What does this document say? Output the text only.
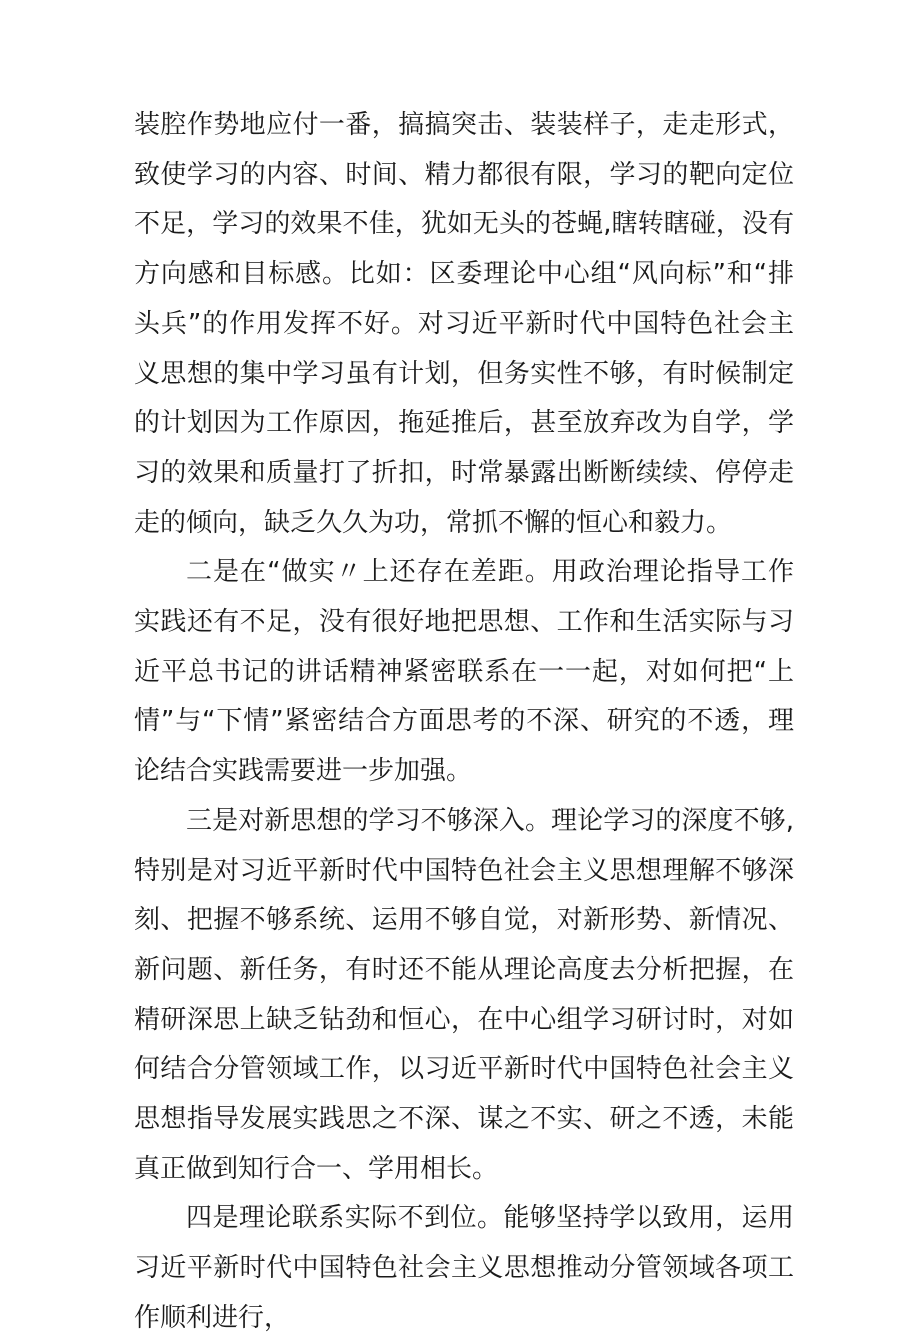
装腔作势地应付一番，搞搞突击、装装样子，走走形式，致使学习的内容、时间、精力都很有限，学习的靶向定位不足，学习的效果不佳，犹如无头的苍蝇,瞎转瞎碰，没有方向感和目标感。比如：区委理论中心组“风向标”和“排头兵”的作用发挥不好。对习近平新时代中国特色社会主义思想的集中学习虽有计划，但务实性不够，有时候制定的计划因为工作原因，拖延推后，甚至放弃改为自学，学习的效果和质量打了折扣，时常暴露出断断续续、停停走走的倾向，缺乏久久为功，常抓不懈的恒心和毅力。

二是在“做实〃上还存在差距。用政治理论指导工作实践还有不足，没有很好地把思想、工作和生活实际与习近平总书记的讲话精神紧密联系在一一起，对如何把“上情”与“下情”紧密结合方面思考的不深、研究的不透，理论结合实践需要进一步加强。

三是对新思想的学习不够深入。理论学习的深度不够,特别是对习近平新时代中国特色社会主义思想理解不够深刻、把握不够系统、运用不够自觉，对新形势、新情况、新问题、新任务，有时还不能从理论高度去分析把握，在精研深思上缺乏钻劲和恒心，在中心组学习研讨时，对如何结合分管领域工作，以习近平新时代中国特色社会主义思想指导发展实践思之不深、谋之不实、研之不透，未能真正做到知行合一、学用相长。

四是理论联系实际不到位。能够坚持学以致用，运用习近平新时代中国特色社会主义思想推动分管领域各项工作顺利进行，
